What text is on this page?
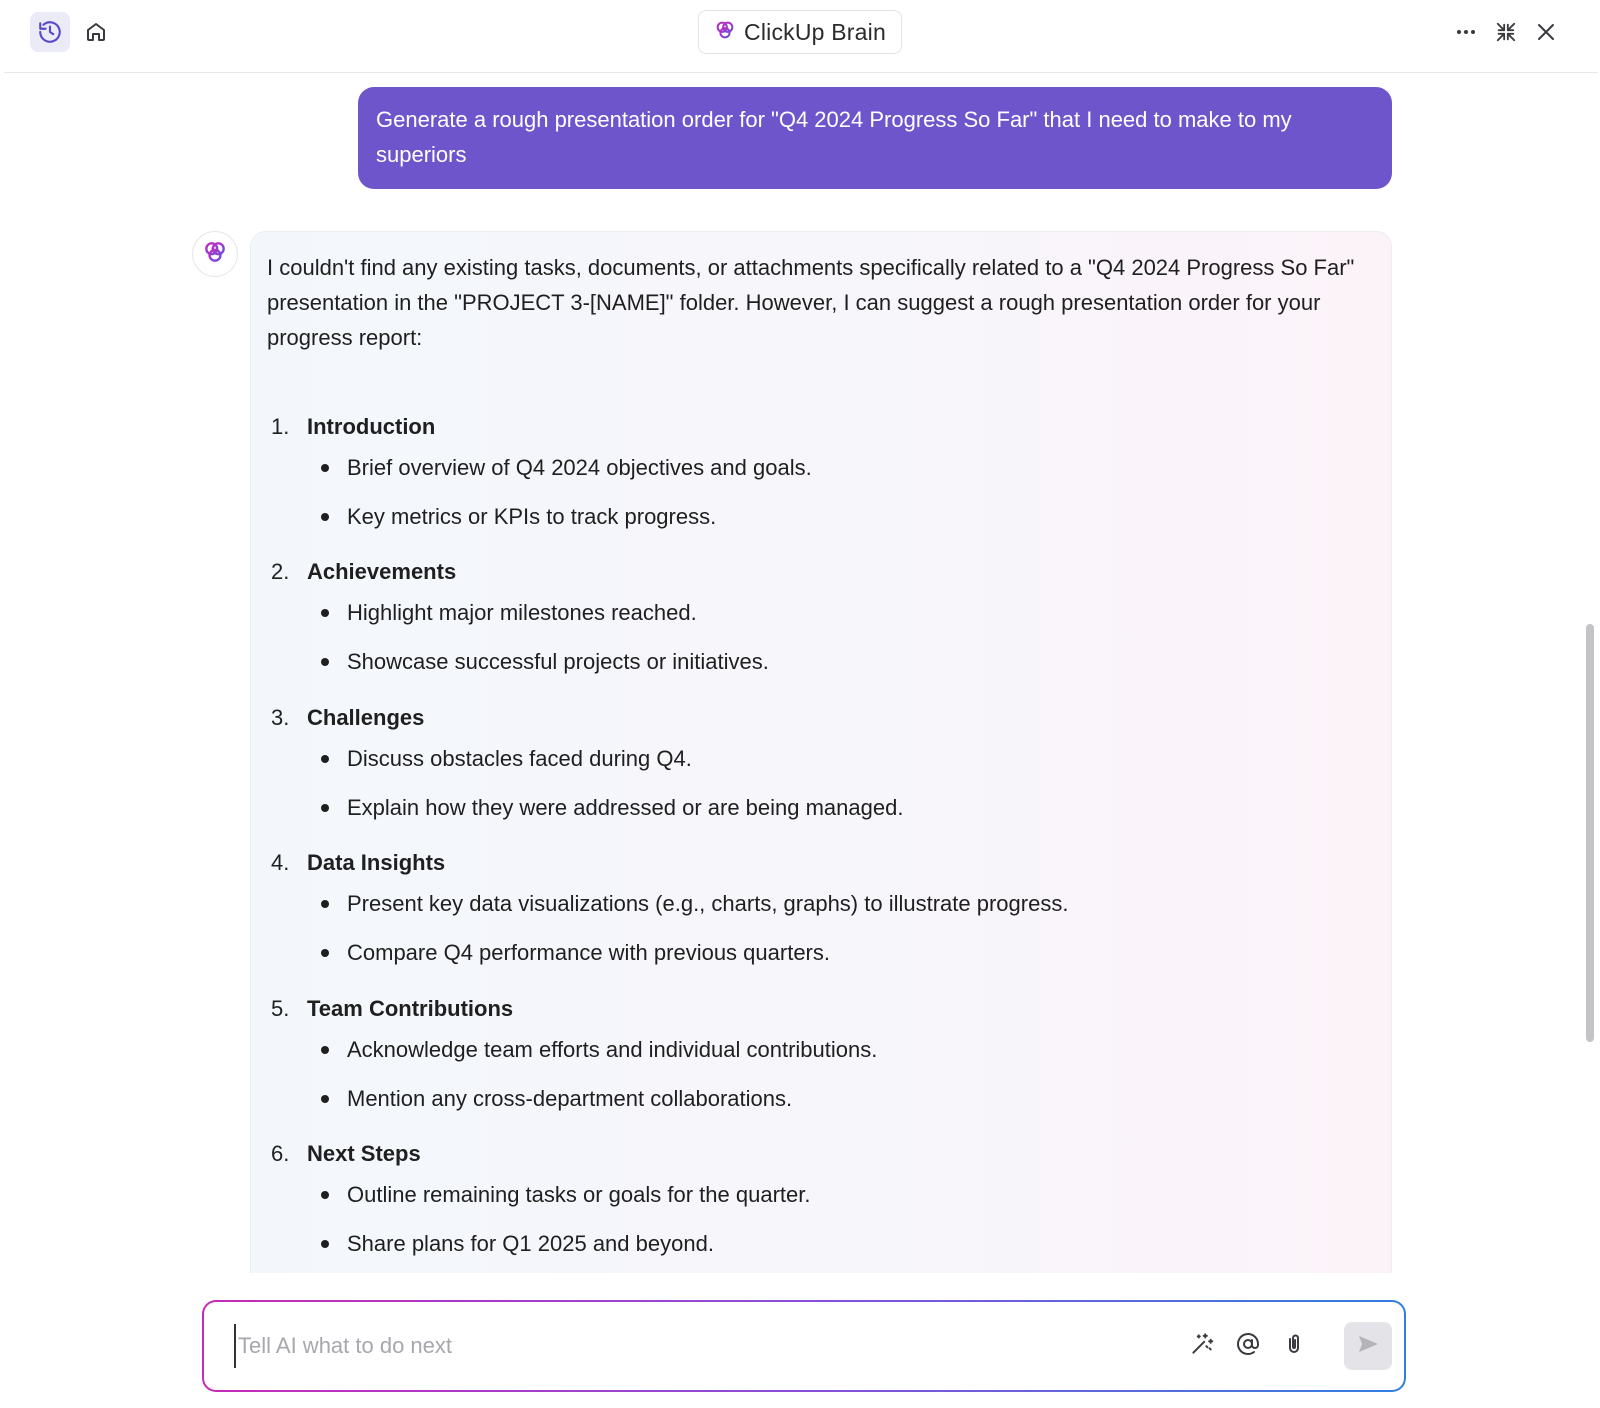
ClickUp Brain
Generate a rough presentation order for "Q4 2024 Progress So Far" that I need to make to my superiors
I couldn't find any existing tasks, documents, or attachments specifically related to a "Q4 2024 Progress So Far" presentation in the "PROJECT 3-[NAME]" folder. However, I can suggest a rough presentation order for your progress report:
1. Introduction
Brief overview of Q4 2024 objectives and goals.
Key metrics or KPIs to track progress.
2. Achievements
Highlight major milestones reached.
Showcase successful projects or initiatives.
3. Challenges
Discuss obstacles faced during Q4.
Explain how they were addressed or are being managed.
4. Data Insights
Present key data visualizations (e.g., charts, graphs) to illustrate progress.
Compare Q4 performance with previous quarters.
5. Team Contributions
Acknowledge team efforts and individual contributions.
Mention any cross-department collaborations.
6. Next Steps
Outline remaining tasks or goals for the quarter.
Share plans for Q1 2025 and beyond.
Tell AI what to do next
